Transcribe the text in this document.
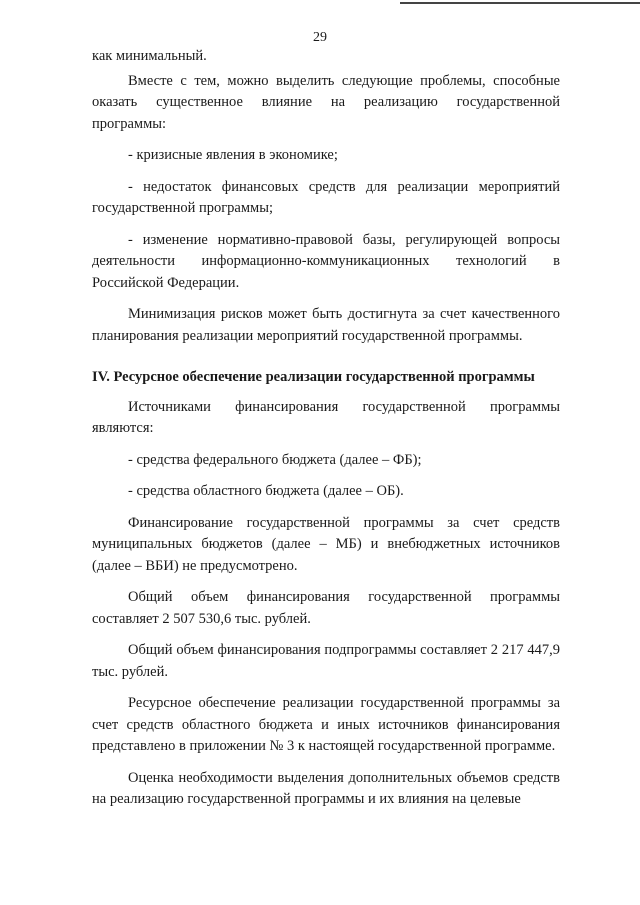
29

как минимальный.

Вместе с тем, можно выделить следующие проблемы, способные оказать существенное влияние на реализацию государственной программы:

- кризисные явления в экономике;

- недостаток финансовых средств для реализации мероприятий государственной программы;

- изменение нормативно-правовой базы, регулирующей вопросы деятельности информационно-коммуникационных технологий в Российской Федерации.

Минимизация рисков может быть достигнута за счет качественного планирования реализации мероприятий государственной программы.

IV. Ресурсное обеспечение реализации государственной программы

Источниками финансирования государственной программы являются:

- средства федерального бюджета (далее – ФБ);

- средства областного бюджета (далее – ОБ).

Финансирование государственной программы за счет средств муниципальных бюджетов (далее – МБ) и внебюджетных источников (далее – ВБИ) не предусмотрено.

Общий объем финансирования государственной программы составляет 2 507 530,6 тыс. рублей.

Общий объем финансирования подпрограммы составляет 2 217 447,9 тыс. рублей.

Ресурсное обеспечение реализации государственной программы за счет средств областного бюджета и иных источников финансирования представлено в приложении № 3 к настоящей государственной программе.

Оценка необходимости выделения дополнительных объемов средств на реализацию государственной программы и их влияния на целевые
